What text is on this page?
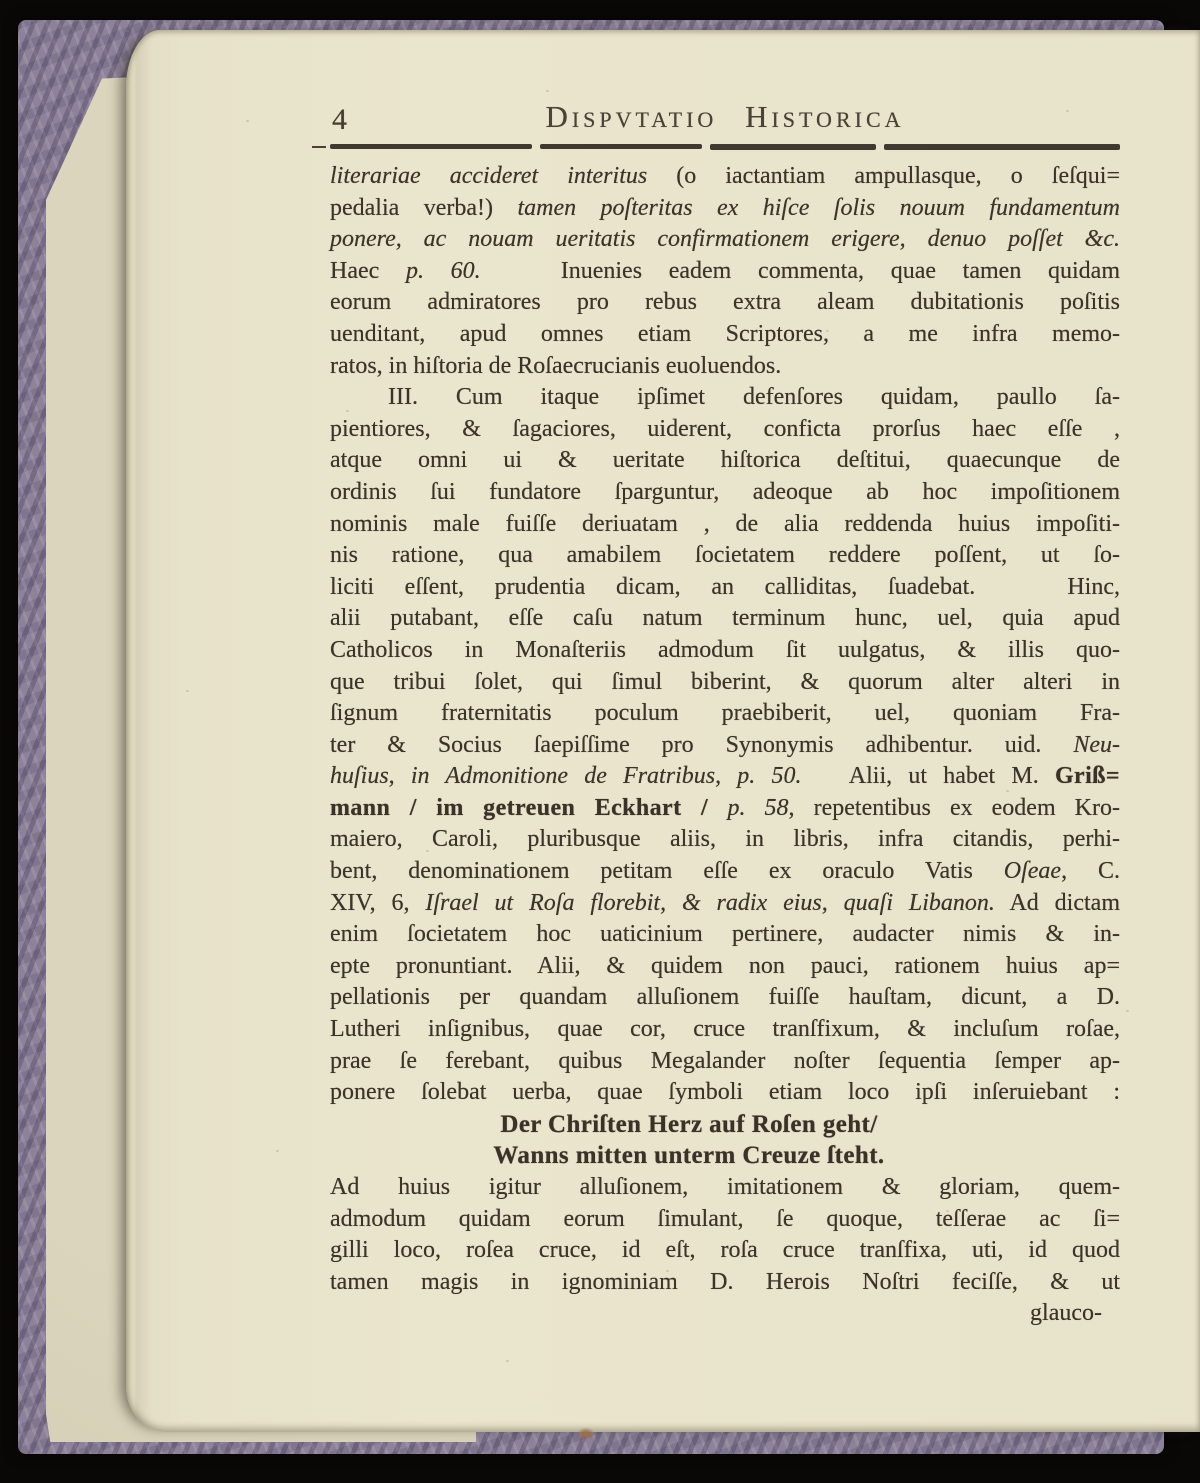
4	Dispvtatio Historica
literariae accideret interitus (o iactantiam ampullasque, o ſeſqui=
pedalia verba!) tamen poſteritas ex hiſce ſolis nouum fundamentum
ponere, ac nouam ueritatis confirmationem erigere, denuo poſſet &c.
Haec p. 60.   Inuenies eadem commenta, quae tamen quidam
eorum admiratores pro rebus extra aleam dubitationis poſitis
uenditant, apud omnes etiam Scriptores, a me infra memo-
ratos, in hiſtoria de Roſaecrucianis euoluendos.
III. Cum itaque ipſimet defenſores quidam, paullo ſa-
pientiores, & ſagaciores, uiderent, conficta prorſus haec eſſe ,
atque omni ui & ueritate hiſtorica deſtitui, quaecunque de
ordinis ſui fundatore ſparguntur, adeoque ab hoc impoſitionem
nominis male fuiſſe deriuatam , de alia reddenda huius impoſiti-
nis ratione, qua amabilem ſocietatem reddere poſſent, ut ſo-
liciti eſſent, prudentia dicam, an calliditas, ſuadebat.   Hinc,
alii putabant, eſſe caſu natum terminum hunc, uel, quia apud
Catholicos in Monaſteriis admodum ſit uulgatus, & illis quo-
que tribui ſolet, qui ſimul biberint, & quorum alter alteri in
ſignum fraternitatis poculum praebiberit, uel, quoniam Fra-
ter & Socius ſaepiſſime pro Synonymis adhibentur. uid. Neu-
huſius, in Admonitione de Fratribus, p. 50.   Alii, ut habet M. Griß=
mann / im getreuen Eckhart / p. 58, repetentibus ex eodem Kro-
maiero, Caroli, pluribusque aliis, in libris, infra citandis, perhi-
bent, denominationem petitam eſſe ex oraculo Vatis Oſeae, C.
XIV, 6, Iſrael ut Roſa florebit, & radix eius, quaſi Libanon. Ad dictam
enim ſocietatem hoc uaticinium pertinere, audacter nimis & in-
epte pronuntiant. Alii, & quidem non pauci, rationem huius ap=
pellationis per quandam alluſionem fuiſſe hauſtam, dicunt, a D.
Lutheri inſignibus, quae cor, cruce tranſfixum, & incluſum roſae,
prae ſe ferebant, quibus Megalander noſter ſequentia ſemper ap-
ponere ſolebat uerba, quae ſymboli etiam loco ipſi inſeruiebant :
Der Chriſten Herz auf Roſen geht/
Wanns mitten unterm Creuze ſteht.
Ad huius igitur alluſionem, imitationem & gloriam, quem-
admodum quidam eorum ſimulant, ſe quoque, teſſerae ac ſi=
gilli loco, roſea cruce, id eſt, roſa cruce tranſfixa, uti, id quod
tamen magis in ignominiam D. Herois Noſtri feciſſe, & ut
glauco-
